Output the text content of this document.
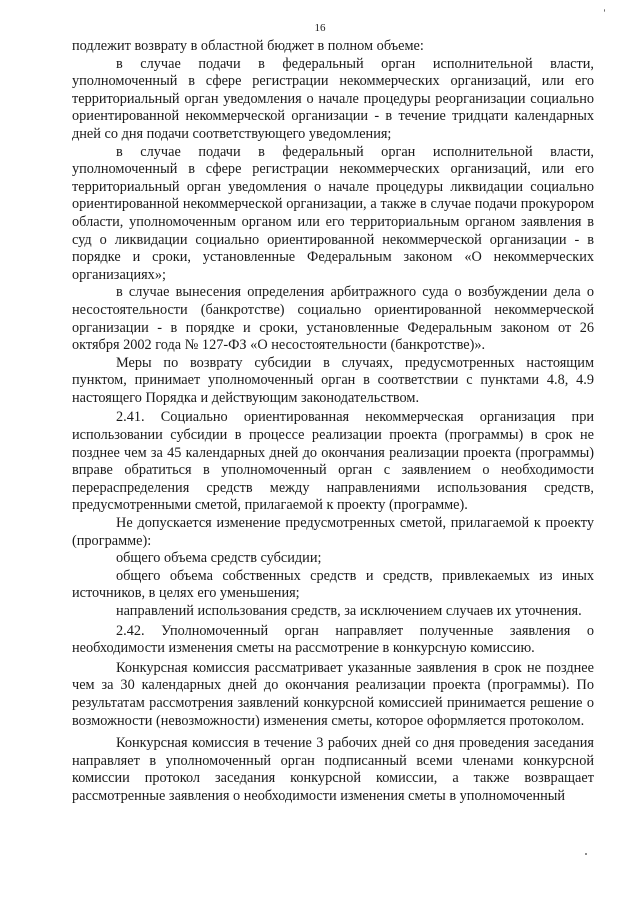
16

подлежит возврату в областной бюджет в полном объеме:

в случае подачи в федеральный орган исполнительной власти, уполномоченный в сфере регистрации некоммерческих организаций, или его территориальный орган уведомления о начале процедуры реорганизации социально ориентированной некоммерческой организации - в течение тридцати календарных дней со дня подачи соответствующего уведомления;

в случае подачи в федеральный орган исполнительной власти, уполномоченный в сфере регистрации некоммерческих организаций, или его территориальный орган уведомления о начале процедуры ликвидации социально ориентированной некоммерческой организации, а также в случае подачи прокурором области, уполномоченным органом или его территориальным органом заявления в суд о ликвидации социально ориентированной некоммерческой организации - в порядке и сроки, установленные Федеральным законом «О некоммерческих организациях»;

в случае вынесения определения арбитражного суда о возбуждении дела о несостоятельности (банкротстве) социально ориентированной некоммерческой организации - в порядке и сроки, установленные Федеральным законом от 26 октября 2002 года № 127-ФЗ «О несостоятельности (банкротстве)».

Меры по возврату субсидии в случаях, предусмотренных настоящим пунктом, принимает уполномоченный орган в соответствии с пунктами 4.8, 4.9 настоящего Порядка и действующим законодательством.

2.41. Социально ориентированная некоммерческая организация при использовании субсидии в процессе реализации проекта (программы) в срок не позднее чем за 45 календарных дней до окончания реализации проекта (программы) вправе обратиться в уполномоченный орган с заявлением о необходимости перераспределения средств между направлениями использования средств, предусмотренными сметой, прилагаемой к проекту (программе).

Не допускается изменение предусмотренных сметой, прилагаемой к проекту (программе):

общего объема средств субсидии;

общего объема собственных средств и средств, привлекаемых из иных источников, в целях его уменьшения;

направлений использования средств, за исключением случаев их уточнения.

2.42. Уполномоченный орган направляет полученные заявления о необходимости изменения сметы на рассмотрение в конкурсную комиссию.

Конкурсная комиссия рассматривает указанные заявления в срок не позднее чем за 30 календарных дней до окончания реализации проекта (программы). По результатам рассмотрения заявлений конкурсной комиссией принимается решение о возможности (невозможности) изменения сметы, которое оформляется протоколом.

Конкурсная комиссия в течение 3 рабочих дней со дня проведения заседания направляет в уполномоченный орган подписанный всеми членами конкурсной комиссии протокол заседания конкурсной комиссии, а также возвращает рассмотренные заявления о необходимости изменения сметы в уполномоченный
